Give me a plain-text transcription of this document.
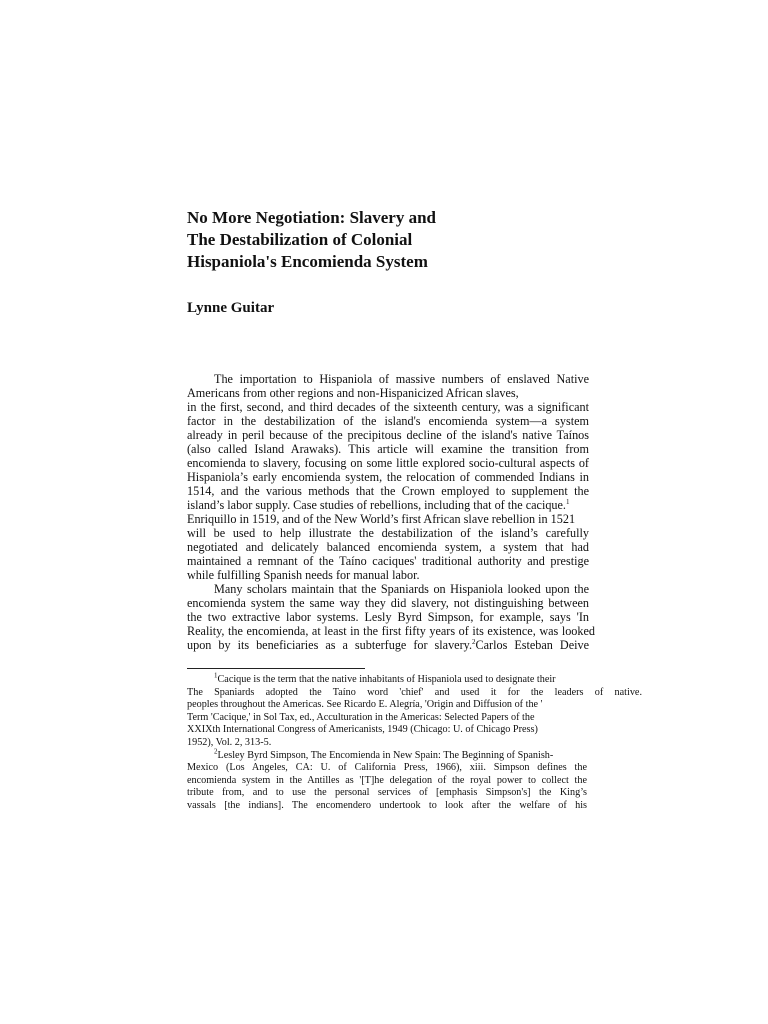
No More Negotiation: Slavery and
The Destabilization of Colonial
Hispaniola's Encomienda System
Lynne Guitar
The importation to Hispaniola of massive numbers of enslaved Native
Americans from other regions and non-Hispanicized African slaves,
in the first, second, and third decades of the sixteenth century, was a significant
factor in the destabilization of the island's encomienda system—a system
already in peril because of the precipitous decline of the island's native Taínos
(also called Island Arawaks). This article will examine the transition from
encomienda to slavery, focusing on some little explored socio-cultural aspects of
Hispaniola’s early encomienda system, the relocation of commended Indians in
1514, and the various methods that the Crown employed to supplement the
island’s labor supply. Case studies of rebellions, including that of the cacique.$^1$
Enriquillo in 1519, and of the New World’s first African slave rebellion in 1521
will be used to help illustrate the destabilization of the island’s carefully
negotiated and delicately balanced encomienda system, a system that had
maintained a remnant of the Taíno caciques' traditional authority and prestige
while fulfilling Spanish needs for manual labor.
Many scholars maintain that the Spaniards on Hispaniola looked upon the
encomienda system the same way they did slavery, not distinguishing between
the two extractive labor systems. Lesly Byrd Simpson, for example, says 'In
Reality, the encomienda, at least in the first fifty years of its existence, was looked
upon by its beneficiaries as a subterfuge for slavery.$^2$Carlos Esteban Deive
$^1$Cacique is the term that the native inhabitants of Hispaniola used to designate their
The Spaniards adopted the Taíno word 'chief' and used it for the leaders of native.
peoples throughout the Americas. See Ricardo E. Alegría, 'Origin and Diffusion of the '
Term 'Cacique,' in Sol Tax, ed., Acculturation in the Americas: Selected Papers of the
XXIXth International Congress of Americanists, 1949 (Chicago: U. of Chicago Press)
1952), Vol. 2, 313-5.
$^2$Lesley Byrd Simpson, The Encomienda in New Spain: The Beginning of Spanish-
Mexico (Los Angeles, CA: U. of California Press, 1966), xiii. Simpson defines the
encomienda system in the Antilles as '[T]he delegation of the royal power to collect the
tribute from, and to use the personal services of [emphasis Simpson's] the King’s
vassals [the indians]. The encomendero undertook to look after the welfare of his
